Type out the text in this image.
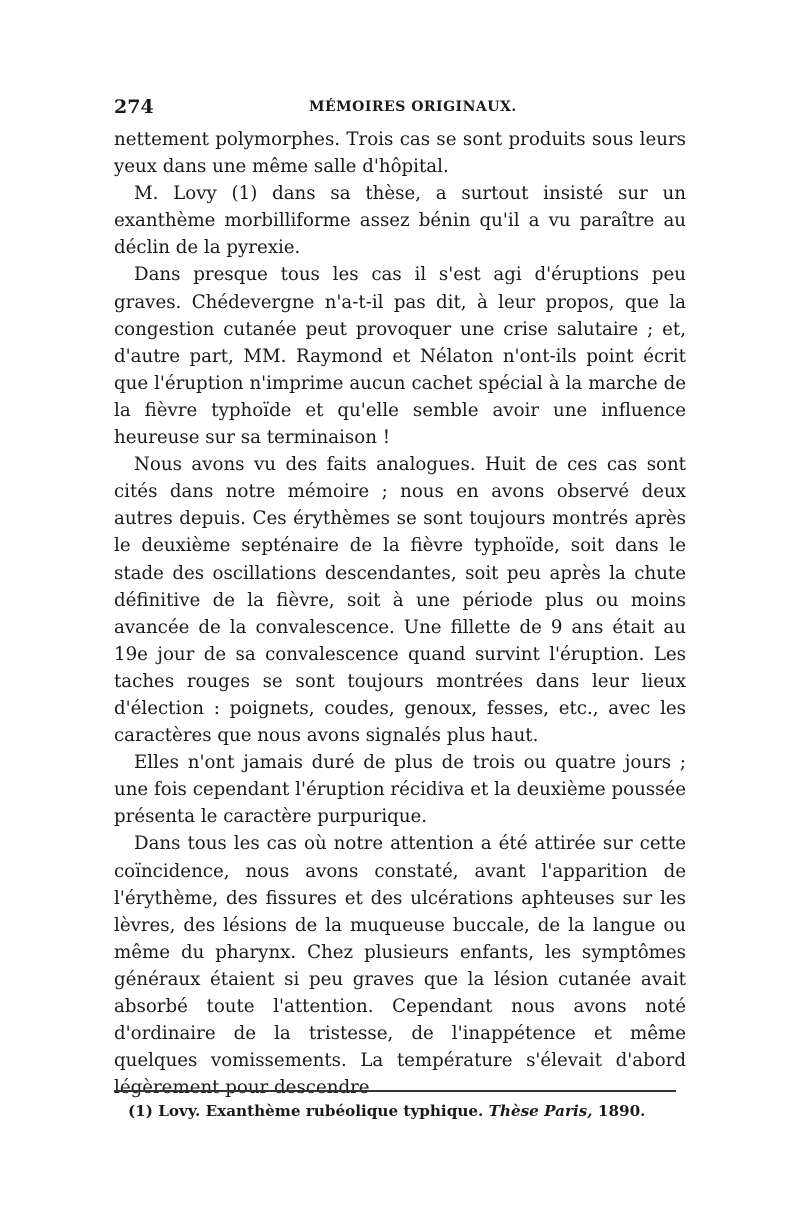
274	MÉMOIRES ORIGINAUX.

nettement polymorphes. Trois cas se sont produits sous leurs yeux dans une même salle d'hôpital.

M. Lovy (1) dans sa thèse, a surtout insisté sur un exanthème morbilliforme assez bénin qu'il a vu paraître au déclin de la pyrexie.

Dans presque tous les cas il s'est agi d'éruptions peu graves. Chédevergne n'a-t-il pas dit, à leur propos, que la congestion cutanée peut provoquer une crise salutaire ; et, d'autre part, MM. Raymond et Nélaton n'ont-ils point écrit que l'éruption n'imprime aucun cachet spécial à la marche de la fièvre typhoïde et qu'elle semble avoir une influence heureuse sur sa terminaison !

Nous avons vu des faits analogues. Huit de ces cas sont cités dans notre mémoire ; nous en avons observé deux autres depuis. Ces érythèmes se sont toujours montrés après le deuxième septénaire de la fièvre typhoïde, soit dans le stade des oscillations descendantes, soit peu après la chute définitive de la fièvre, soit à une période plus ou moins avancée de la convalescence. Une fillette de 9 ans était au 19e jour de sa convalescence quand survint l'éruption. Les taches rouges se sont toujours montrées dans leur lieux d'élection : poignets, coudes, genoux, fesses, etc., avec les caractères que nous avons signalés plus haut.

Elles n'ont jamais duré de plus de trois ou quatre jours ; une fois cependant l'éruption récidiva et la deuxième poussée présenta le caractère purpurique.

Dans tous les cas où notre attention a été attirée sur cette coïncidence, nous avons constaté, avant l'apparition de l'érythème, des fissures et des ulcérations aphteuses sur les lèvres, des lésions de la muqueuse buccale, de la langue ou même du pharynx. Chez plusieurs enfants, les symptômes généraux étaient si peu graves que la lésion cutanée avait absorbé toute l'attention. Cependant nous avons noté d'ordinaire de la tristesse, de l'inappétence et même quelques vomissements. La température s'élevait d'abord légèrement pour descendre

(1) Lovy. Exanthème rubéolique typhique. Thèse Paris, 1890.
